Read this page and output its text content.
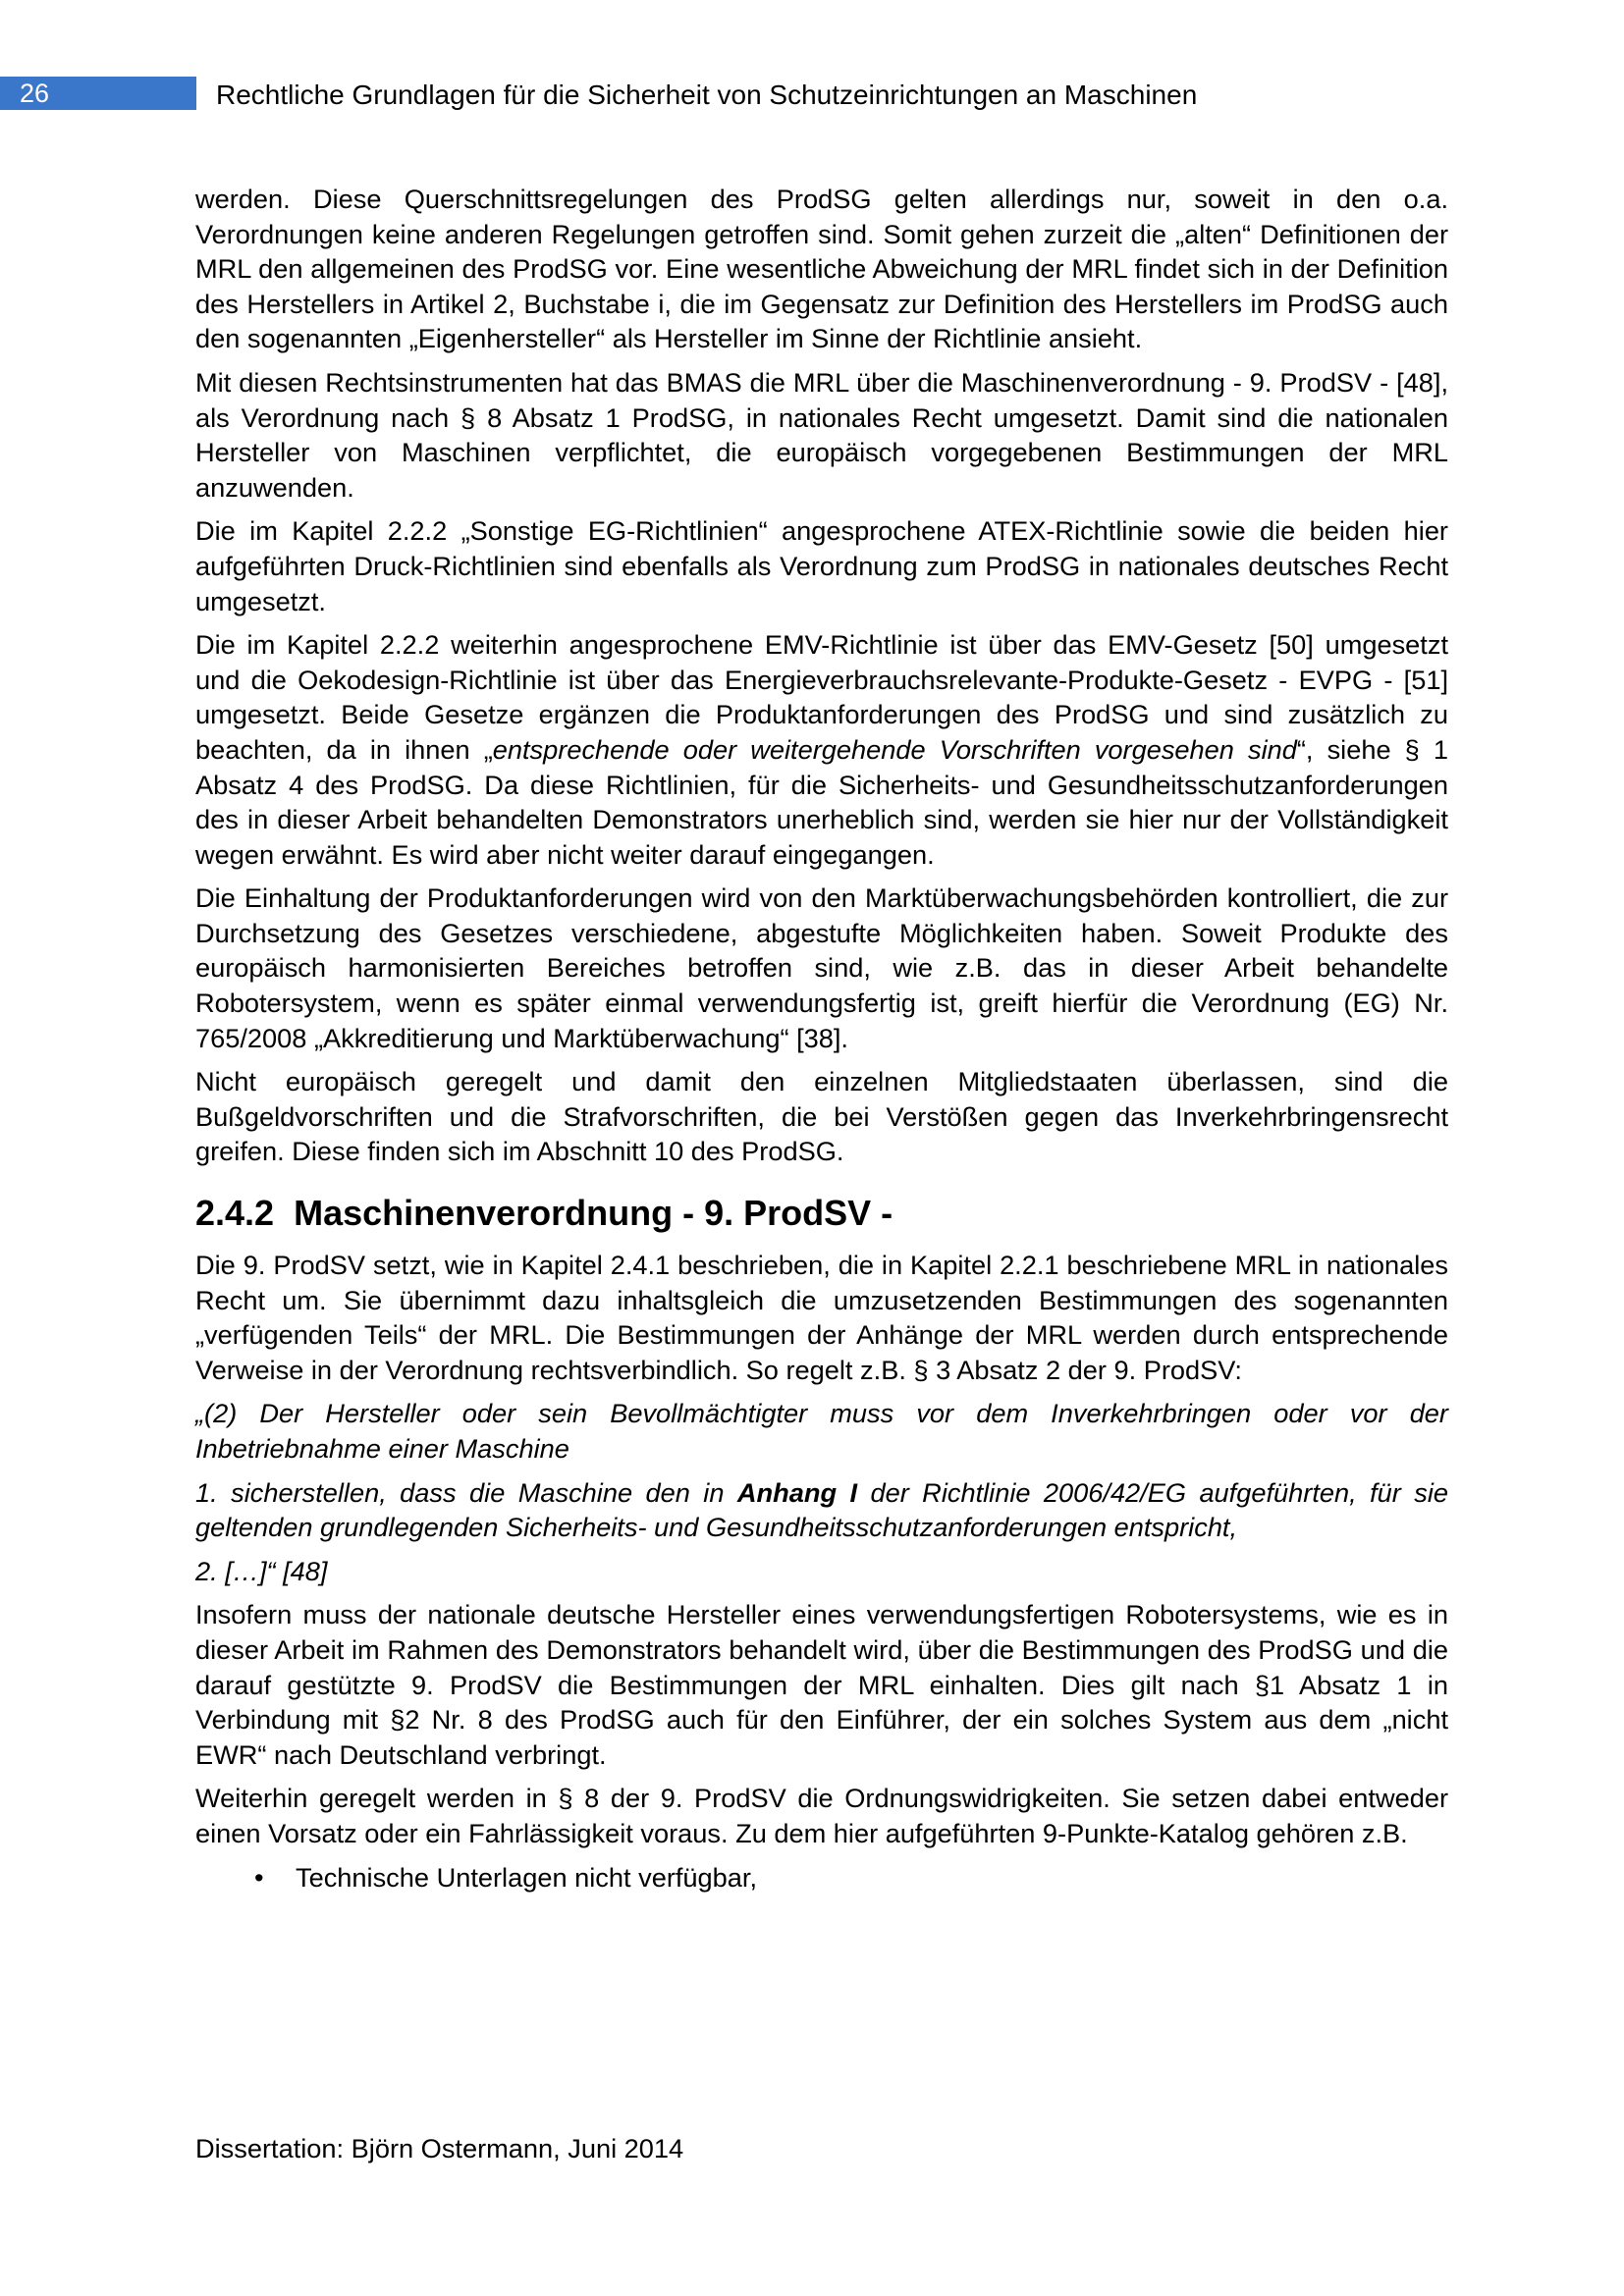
26	Rechtliche Grundlagen für die Sicherheit von Schutzeinrichtungen an Maschinen

werden. Diese Querschnittsregelungen des ProdSG gelten allerdings nur, soweit in den o.a. Verordnungen keine anderen Regelungen getroffen sind. Somit gehen zurzeit die „alten“ Definitionen der MRL den allgemeinen des ProdSG vor. Eine wesentliche Abweichung der MRL findet sich in der Definition des Herstellers in Artikel 2, Buchstabe i, die im Gegensatz zur Definition des Herstellers im ProdSG auch den sogenannten „Eigenhersteller“ als Hersteller im Sinne der Richtlinie ansieht.

Mit diesen Rechtsinstrumenten hat das BMAS die MRL über die Maschinenverordnung - 9. ProdSV - [48], als Verordnung nach § 8 Absatz 1 ProdSG, in nationales Recht umgesetzt. Damit sind die nationalen Hersteller von Maschinen verpflichtet, die europäisch vorgegebenen Bestimmungen der MRL anzuwenden.

Die im Kapitel 2.2.2 „Sonstige EG-Richtlinien“ angesprochene ATEX-Richtlinie sowie die beiden hier aufgeführten Druck-Richtlinien sind ebenfalls als Verordnung zum ProdSG in nationales deutsches Recht umgesetzt.

Die im Kapitel 2.2.2 weiterhin angesprochene EMV-Richtlinie ist über das EMV-Gesetz [50] umgesetzt und die Oekodesign-Richtlinie ist über das Energieverbrauchsrelevante-Produkte-Gesetz - EVPG - [51] umgesetzt. Beide Gesetze ergänzen die Produktanforderungen des ProdSG und sind zusätzlich zu beachten, da in ihnen „entsprechende oder weitergehende Vorschriften vorgesehen sind“, siehe § 1 Absatz 4 des ProdSG. Da diese Richtlinien, für die Sicherheits- und Gesundheitsschutzanforderungen des in dieser Arbeit behandelten Demonstrators unerheblich sind, werden sie hier nur der Vollständigkeit wegen erwähnt. Es wird aber nicht weiter darauf eingegangen.

Die Einhaltung der Produktanforderungen wird von den Marktüberwachungsbehörden kontrolliert, die zur Durchsetzung des Gesetzes verschiedene, abgestufte Möglichkeiten haben. Soweit Produkte des europäisch harmonisierten Bereiches betroffen sind, wie z.B. das in dieser Arbeit behandelte Robotersystem, wenn es später einmal verwendungsfertig ist, greift hierfür die Verordnung (EG) Nr. 765/2008 „Akkreditierung und Marktüberwachung“ [38].

Nicht europäisch geregelt und damit den einzelnen Mitgliedstaaten überlassen, sind die Bußgeldvorschriften und die Strafvorschriften, die bei Verstößen gegen das Inverkehrbringensrecht greifen. Diese finden sich im Abschnitt 10 des ProdSG.

2.4.2 Maschinenverordnung - 9. ProdSV -

Die 9. ProdSV setzt, wie in Kapitel 2.4.1 beschrieben, die in Kapitel 2.2.1 beschriebene MRL in nationales Recht um. Sie übernimmt dazu inhaltsgleich die umzusetzenden Bestimmungen des sogenannten „verfügenden Teils“ der MRL. Die Bestimmungen der Anhänge der MRL werden durch entsprechende Verweise in der Verordnung rechtsverbindlich. So regelt z.B. § 3 Absatz 2 der 9. ProdSV:

„(2) Der Hersteller oder sein Bevollmächtigter muss vor dem Inverkehrbringen oder vor der Inbetriebnahme einer Maschine

1. sicherstellen, dass die Maschine den in Anhang I der Richtlinie 2006/42/EG aufgeführten, für sie geltenden grundlegenden Sicherheits- und Gesundheitsschutzanforderungen entspricht,

2. […]“ [48]

Insofern muss der nationale deutsche Hersteller eines verwendungsfertigen Robotersystems, wie es in dieser Arbeit im Rahmen des Demonstrators behandelt wird, über die Bestimmungen des ProdSG und die darauf gestützte 9. ProdSV die Bestimmungen der MRL einhalten. Dies gilt nach §1 Absatz 1 in Verbindung mit §2 Nr. 8 des ProdSG auch für den Einführer, der ein solches System aus dem „nicht EWR“ nach Deutschland verbringt.

Weiterhin geregelt werden in § 8 der 9. ProdSV die Ordnungswidrigkeiten. Sie setzen dabei entweder einen Vorsatz oder ein Fahrlässigkeit voraus. Zu dem hier aufgeführten 9-Punkte-Katalog gehören z.B.

• Technische Unterlagen nicht verfügbar,
Dissertation: Björn Ostermann, Juni 2014
